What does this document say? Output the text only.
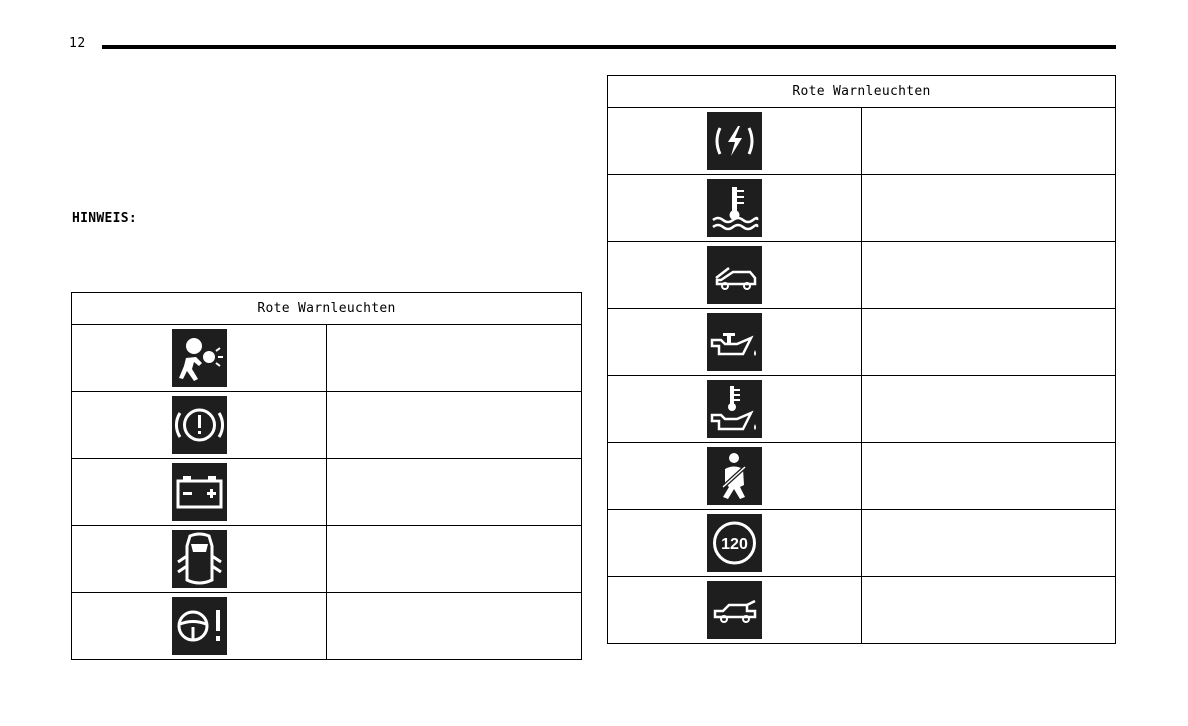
12
HINWEIS:
Rote Warnleuchten	

Rote Warnleuchten	

120	
